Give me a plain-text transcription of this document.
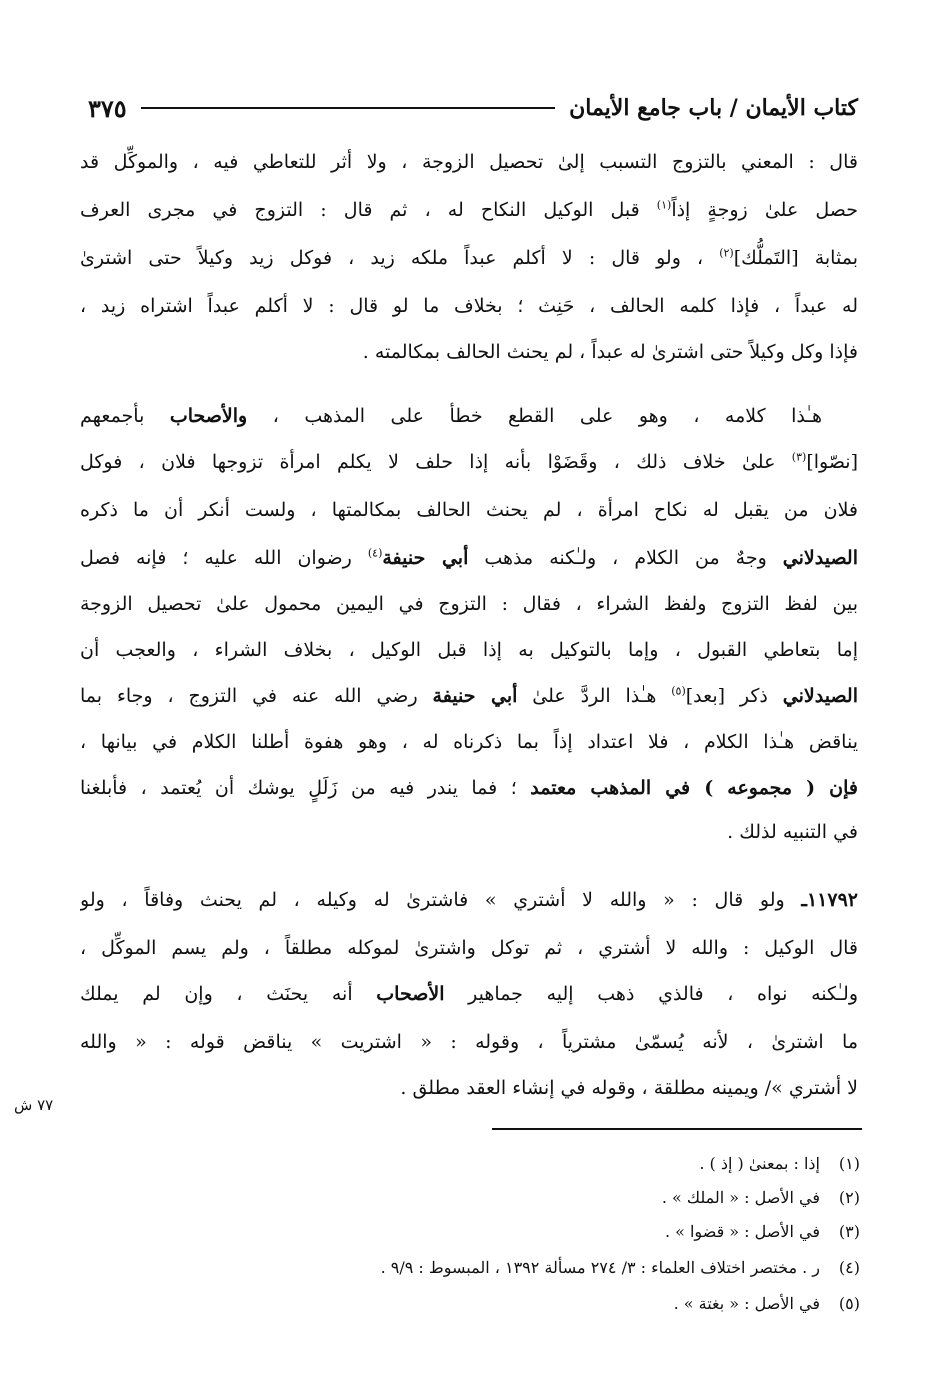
كتاب الأيمان / باب جامع الأيمان
٣٧٥
قال : المعني بالتزوج التسبب إلىٰ تحصيل الزوجة ، ولا أثر للتعاطي فيه ، والموكِّل قد
حصل علىٰ زوجةٍ إذاً$^{(١)}$ قبل الوكيل النكاح له ، ثم قال : التزوج في مجرى العرف
بمثابة [التَملُّك]$^{(٢)}$ ، ولو قال : لا أكلم عبداً ملكه زيد ، فوكل زيد وكيلاً حتى اشترىٰ
له عبداً ، فإذا كلمه الحالف ، حَنِث ؛ بخلاف ما لو قال : لا أكلم عبداً اشتراه زيد ،
فإذا وكل وكيلاً حتى اشترىٰ له عبداً ، لم يحنث الحالف بمكالمته .
هـٰذا كلامه ، وهو على القطع خطأ على المذهب ، والأصحاب بأجمعهم
[نصّوا]$^{(٣)}$ علىٰ خلاف ذلك ، وقَضَوْا بأنه إذا حلف لا يكلم امرأة تزوجها فلان ، فوكل
فلان من يقبل له نكاح امرأة ، لم يحنث الحالف بمكالمتها ، ولست أنكر أن ما ذكره
الصيدلاني وجهٌ من الكلام ، ولـٰكنه مذهب أبي حنيفة$^{(٤)}$ رضوان الله عليه ؛ فإنه فصل
بين لفظ التزوج ولفظ الشراء ، فقال : التزوج في اليمين محمول علىٰ تحصيل الزوجة
إما بتعاطي القبول ، وإما بالتوكيل به إذا قبل الوكيل ، بخلاف الشراء ، والعجب أن
الصيدلاني ذكر [بعد]$^{(٥)}$ هـٰذا الردَّ علىٰ أبي حنيفة رضي الله عنه في التزوج ، وجاء بما
يناقض هـٰذا الكلام ، فلا اعتداد إذاً بما ذكرناه له ، وهو هفوة أطلنا الكلام في بيانها ،
فإن ( مجموعه ) في المذهب معتمد ؛ فما يندر فيه من زَلَلٍ يوشك أن يُعتمد ، فأبلغنا
في التنبيه لذلك .
١١٧٩٢ـ ولو قال : « والله لا أشتري » فاشترىٰ له وكيله ، لم يحنث وفاقاً ، ولو
قال الوكيل : والله لا أشتري ، ثم توكل واشترىٰ لموكله مطلقاً ، ولم يسم الموكِّل ،
ولـٰكنه نواه ، فالذي ذهب إليه جماهير الأصحاب أنه يحنَث ، وإن لم يملك
ما اشترىٰ ، لأنه يُسمّىٰ مشترياً ، وقوله : « اشتريت » يناقض قوله : « والله
لا أشتري »/ ويمينه مطلقة ، وقوله في إنشاء العقد مطلق .
٧٧ ش
(١)إذا : بمعنىٰ ( إذ ) .
(٢)في الأصل : « الملك » .
(٣)في الأصل : « قضوا » .
(٤)ر . مختصر اختلاف العلماء : ٣/ ٢٧٤ مسألة ١٣٩٢ ، المبسوط : ٩/٩ .
(٥)في الأصل : « بغتة » .
